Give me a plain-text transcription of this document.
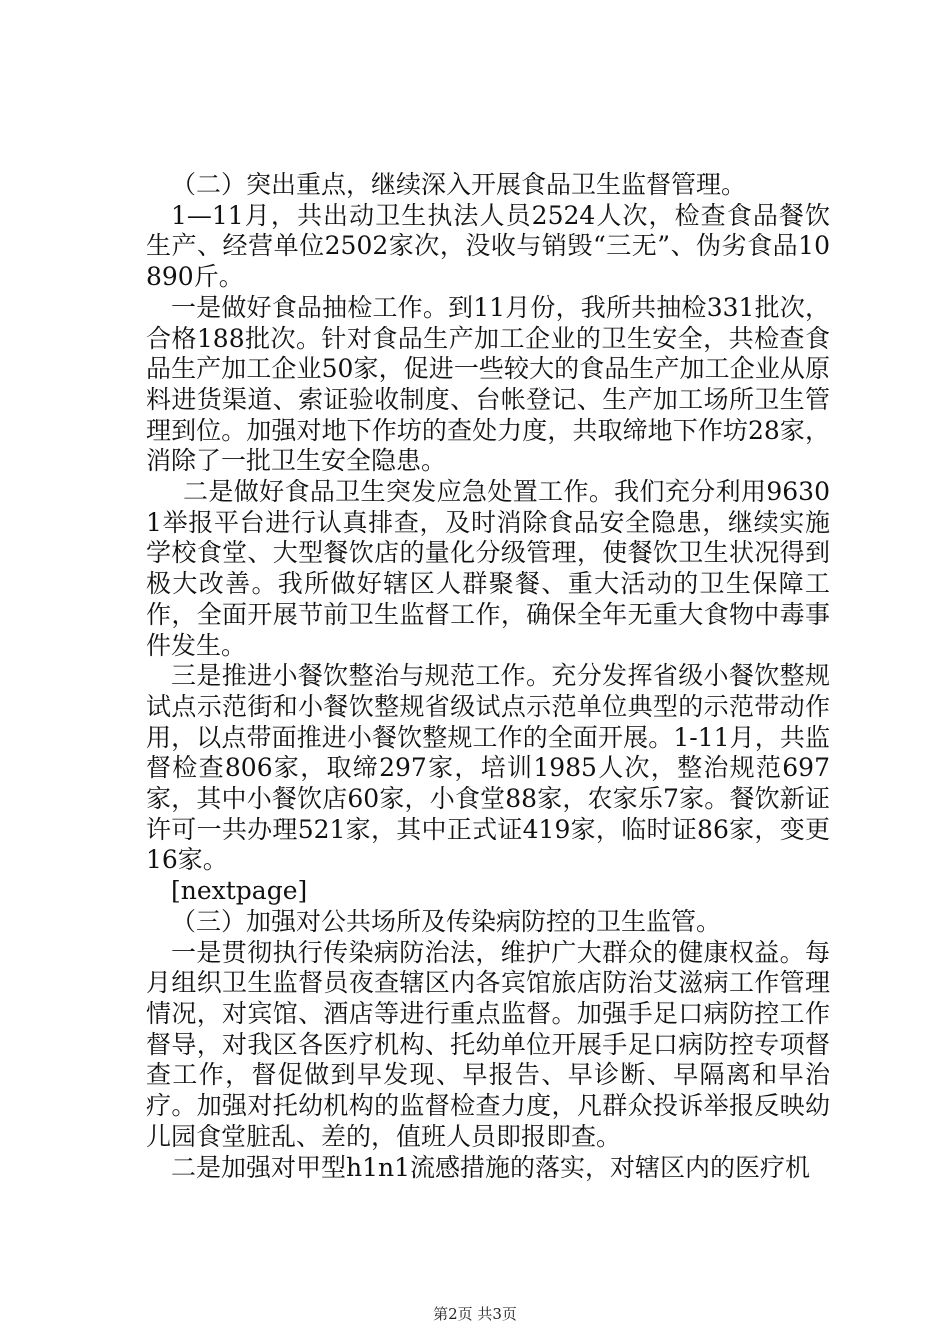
（二）突出重点，继续深入开展食品卫生监督管理。

1—11月，共出动卫生执法人员2524人次，检查食品餐饮生产、经营单位2502家次，没收与销毁“三无”、伪劣食品10890斤。

一是做好食品抽检工作。到11月份，我所共抽检331批次，合格188批次。针对食品生产加工企业的卫生安全，共检查食品生产加工企业50家，促进一些较大的食品生产加工企业从原料进货渠道、索证验收制度、台帐登记、生产加工场所卫生管理到位。加强对地下作坊的查处力度，共取缔地下作坊28家，消除了一批卫生安全隐患。

二是做好食品卫生突发应急处置工作。我们充分利用96301举报平台进行认真排查，及时消除食品安全隐患，继续实施学校食堂、大型餐饮店的量化分级管理，使餐饮卫生状况得到极大改善。我所做好辖区人群聚餐、重大活动的卫生保障工作，全面开展节前卫生监督工作，确保全年无重大食物中毒事件发生。

三是推进小餐饮整治与规范工作。充分发挥省级小餐饮整规试点示范街和小餐饮整规省级试点示范单位典型的示范带动作用，以点带面推进小餐饮整规工作的全面开展。1-11月，共监督检查806家，取缔297家，培训1985人次，整治规范697家，其中小餐饮店60家，小食堂88家，农家乐7家。餐饮新证许可一共办理521家，其中正式证419家，临时证86家，变更16家。

[nextpage]

（三）加强对公共场所及传染病防控的卫生监管。

一是贯彻执行传染病防治法，维护广大群众的健康权益。每月组织卫生监督员夜查辖区内各宾馆旅店防治艾滋病工作管理情况，对宾馆、酒店等进行重点监督。加强手足口病防控工作督导，对我区各医疗机构、托幼单位开展手足口病防控专项督查工作，督促做到早发现、早报告、早诊断、早隔离和早治疗。加强对托幼机构的监督检查力度，凡群众投诉举报反映幼儿园食堂脏乱、差的，值班人员即报即查。

二是加强对甲型h1n1流感措施的落实，对辖区内的医疗机

第2页 共3页
